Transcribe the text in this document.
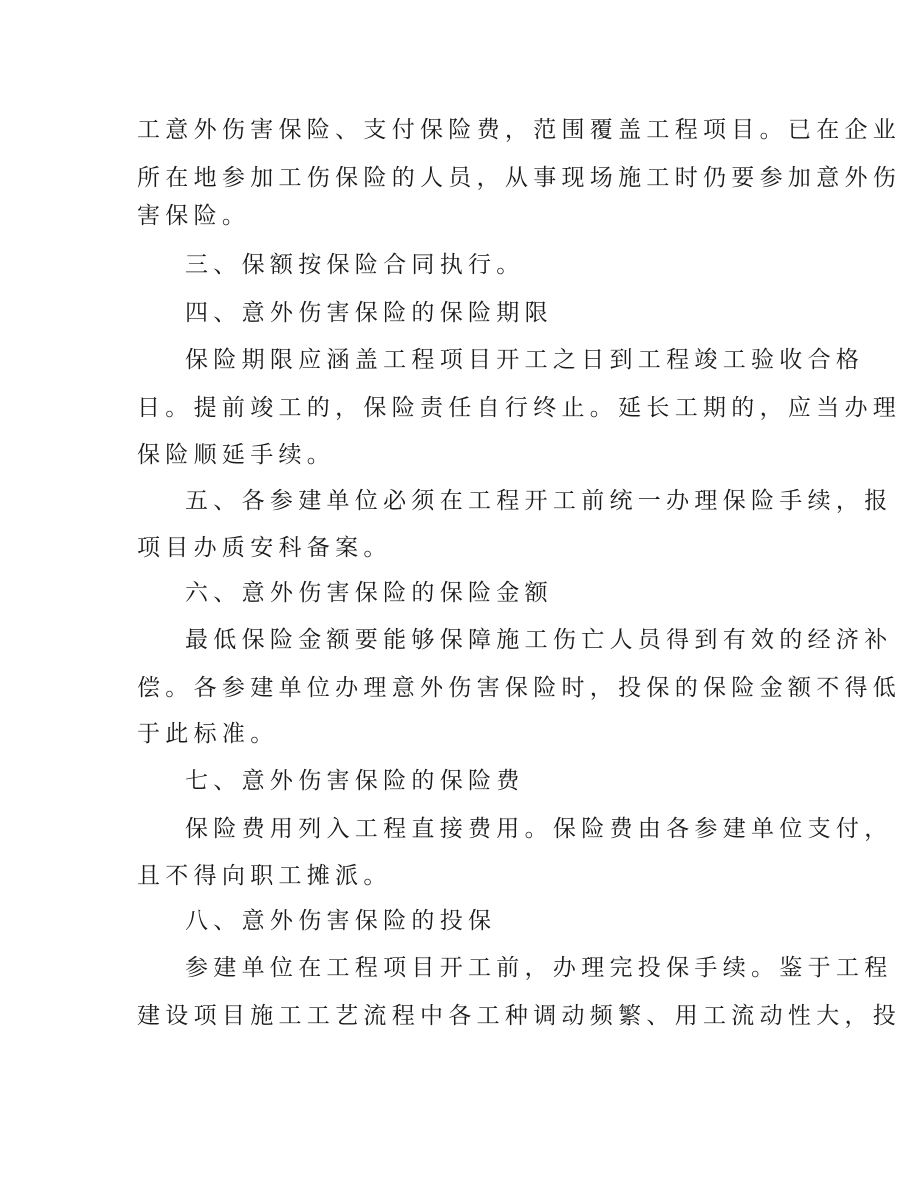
工意外伤害保险、支付保险费，范围覆盖工程项目。已在企业

所在地参加工伤保险的人员，从事现场施工时仍要参加意外伤

害保险。

三、保额按保险合同执行。

四、意外伤害保险的保险期限

保险期限应涵盖工程项目开工之日到工程竣工验收合格

日。提前竣工的，保险责任自行终止。延长工期的，应当办理

保险顺延手续。

五、各参建单位必须在工程开工前统一办理保险手续，报

项目办质安科备案。

六、意外伤害保险的保险金额

最低保险金额要能够保障施工伤亡人员得到有效的经济补

偿。各参建单位办理意外伤害保险时，投保的保险金额不得低

于此标准。

七、意外伤害保险的保险费

保险费用列入工程直接费用。保险费由各参建单位支付，

且不得向职工摊派。

八、意外伤害保险的投保

参建单位在工程项目开工前，办理完投保手续。鉴于工程

建设项目施工工艺流程中各工种调动频繁、用工流动性大，投
